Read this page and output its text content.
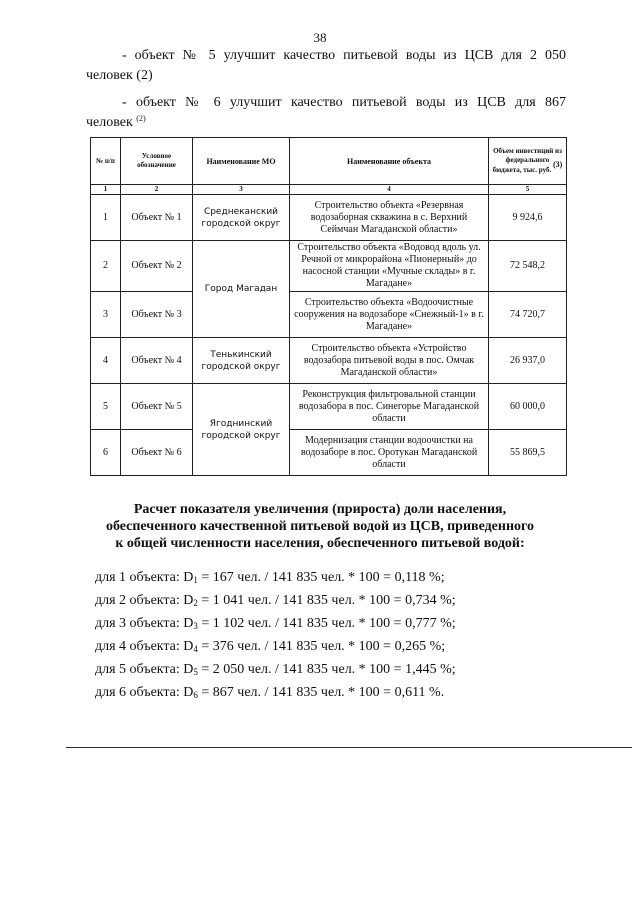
38
- объект № 5 улучшит качество питьевой воды из ЦСВ для 2 050
человек (2)
- объект № 6 улучшит качество питьевой воды из ЦСВ для 867
человек $^{(2)}$
№ п/п	Условное обозначение	Наименование МО	Наименование объекта	Объем инвестиций из федерального бюджета, тыс. руб. $^{(3)}$
1	2	3	4	5
1	Объект № 1	Среднеканский городской округ	Строительство объекта «Резервная водозаборная скважина в с. Верхний Сеймчан Магаданской области»	9 924,6
2	Объект № 2	Город Магадан	Строительство объекта «Водовод вдоль ул. Речной от микрорайона «Пионерный» до насосной станции «Мучные склады» в г. Магадане»	72 548,2
3	Объект № 3		Строительство объекта «Водоочистные сооружения на водозаборе «Снежный-1» в г. Магадане»	74 720,7
4	Объект № 4	Тенькинский городской округ	Строительство объекта «Устройство водозабора питьевой воды в пос. Омчак Магаданской области»	26 937,0
5	Объект № 5	Ягоднинский городской округ	Реконструкция фильтровальной станции водозабора в пос. Синегорье Магаданской области	60 000,0
6	Объект № 6		Модернизация станции водоочистки на водозаборе в пос. Оротукан Магаданской области	55 869,5
Расчет показателя увеличения (прироста) доли населения,
обеспеченного качественной питьевой водой из ЦСВ, приведенного
к общей численности населения, обеспеченного питьевой водой:
для 1 объекта: $D_1 = 167$ чел. / 141 835 чел. * 100 = 0,118 %;
для 2 объекта: $D_2 = 1$ 041 чел. / 141 835 чел. * 100 = 0,734 %;
для 3 объекта: $D_3 = 1$ 102 чел. / 141 835 чел. * 100 = 0,777 %;
для 4 объекта: $D_4 = 376$ чел. / 141 835 чел. * 100 = 0,265 %;
для 5 объекта: $D_5 = 2$ 050 чел. / 141 835 чел. * 100 = 1,445 %;
для 6 объекта: $D_6 = 867$ чел. / 141 835 чел. * 100 = 0,611 %.
